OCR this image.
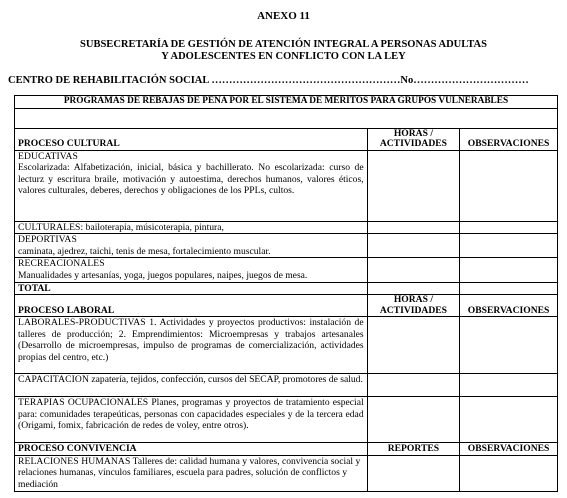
ANEXO 11
SUBSECRETARÍA DE GESTIÓN DE ATENCIÓN INTEGRAL A PERSONAS ADULTAS
Y ADOLESCENTES EN CONFLICTO CON LA LEY
CENTRO DE REHABILITACIÓN SOCIAL ………………………………………………No……………………………
PROGRAMAS DE REBAJAS DE PENA POR EL SISTEMA DE MÉRITOS PARA GRUPOS VULNERABLES		

PROCESO CULTURAL	HORAS / ACTIVIDADES	OBSERVACIONES

EDUCATIVAS
Escolarizada: Alfabetización, inicial, básica y bachillerato. No escolarizada: curso de lecturz y escritura braile, motivación y autoestima, derechos humanos, valores éticos, valores culturales, deberes, derechos y obligaciones de los PPLs, cultos.		

CULTURALES: bailoterapia, músicoterapia, pintura,		

DEPORTIVAS
caminata, ajedrez, taichi, tenis de mesa, fortalecimiento muscular.		

RECREACIONALES
Manualidades y artesanías, yoga, juegos populares, naipes, juegos de mesa.		

TOTAL		
PROCESO LABORAL	HORAS / ACTIVIDADES	OBSERVACIONES
LABORALES-PRODUCTIVAS 1. Actividades y proyectos productivos: instalación de talleres de producción; 2. Emprendimientos: Microempresas y trabajos artesanales (Desarrollo de microempresas, impulso de programas de comercialización, actividades propias del centro, etc.)		
CAPACITACION zapatería, tejidos, confección, cursos del SECAP, promotores de salud.		
TERAPIAS OCUPACIONALES Planes, programas y proyectos de tratamiento especial para: comunidades terapeúticas, personas con capacidades especiales y de la tercera edad (Origami, fomix, fabricación de redes de voley, entre otros).		
PROCESO CONVIVENCIA	REPORTES	OBSERVACIONES
RELACIONES HUMANAS Talleres de: calidad humana y valores, convivencia social y relaciones humanas, vínculos familiares, escuela para padres, solución de conflictos y mediación		
